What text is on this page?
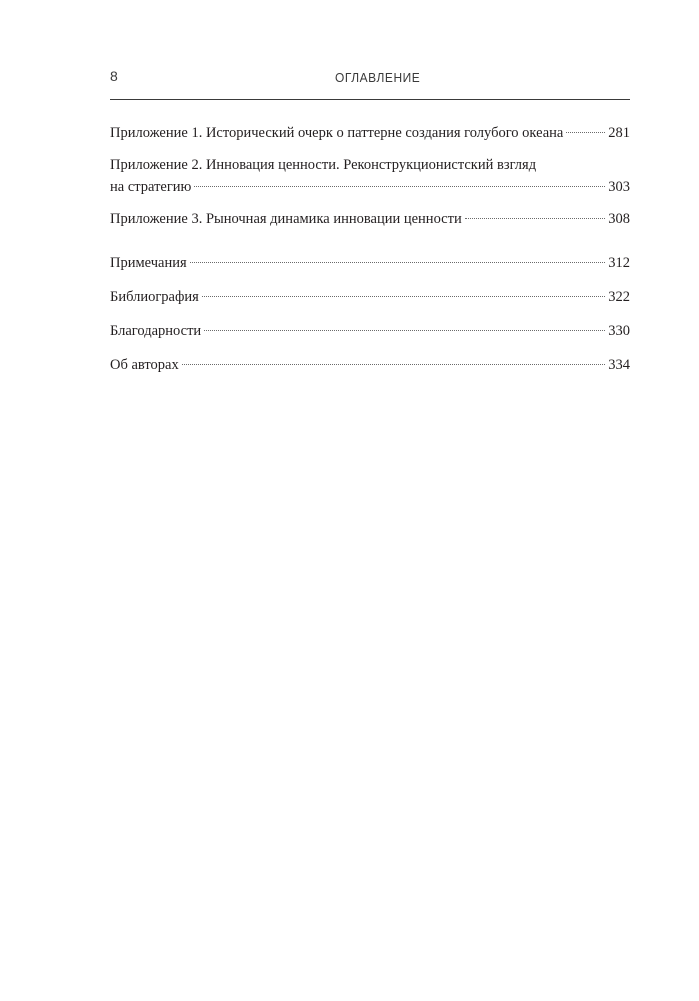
8	ОГЛАВЛЕНИЕ
Приложение 1. Исторический очерк о паттерне создания голубого океана	281
Приложение 2. Инновация ценности. Реконструкционистский взгляд
на стратегию	303
Приложение 3. Рыночная динамика инновации ценности	308
Примечания	312
Библиография	322
Благодарности	330
Об авторах	334
